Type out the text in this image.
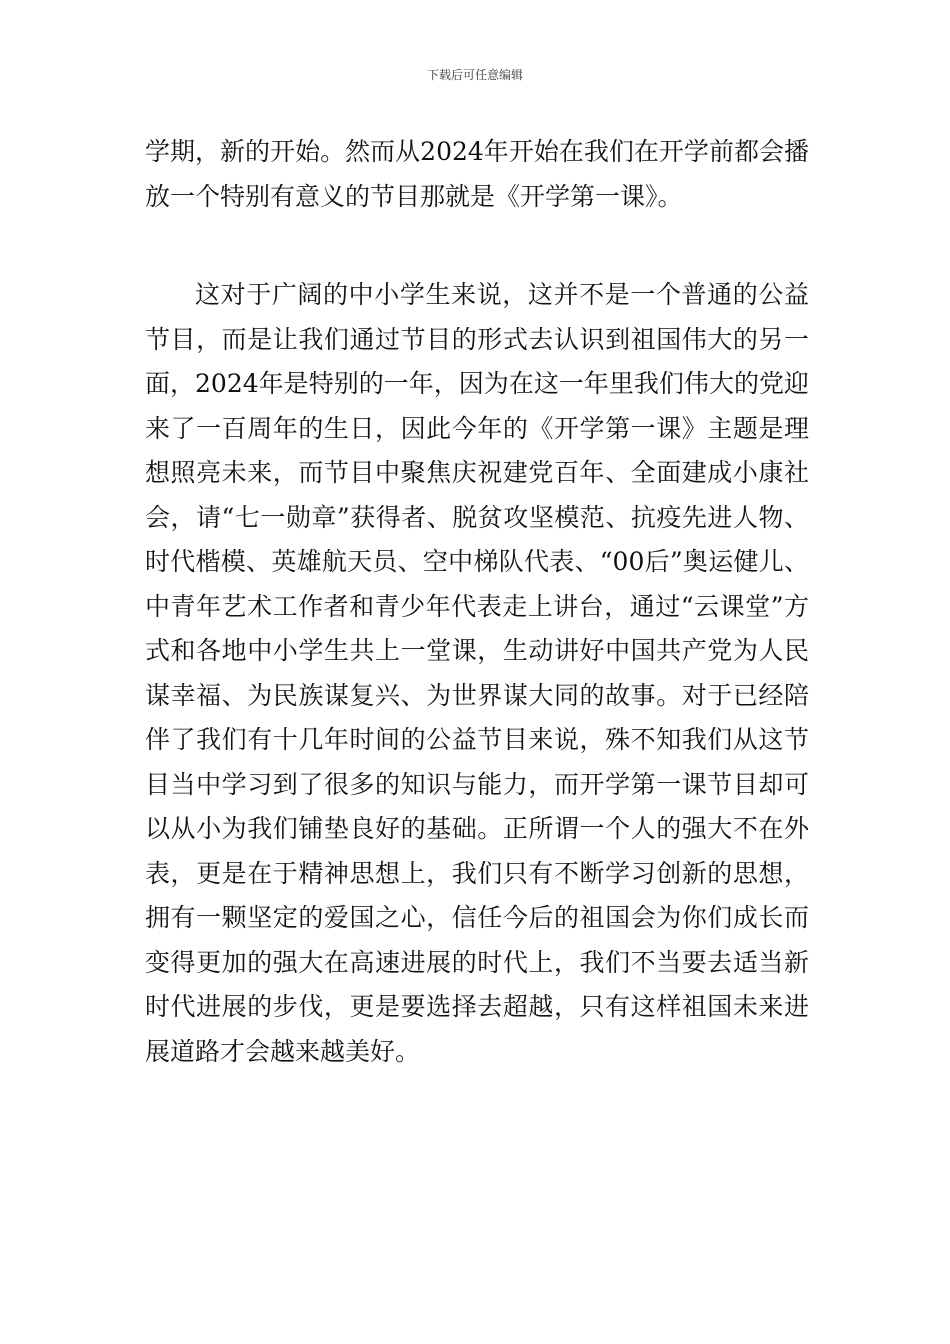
下载后可任意编辑

学期，新的开始。然而从2024年开始在我们在开学前都会播放一个特别有意义的节目那就是《开学第一课》。

这对于广阔的中小学生来说，这并不是一个普通的公益节目，而是让我们通过节目的形式去认识到祖国伟大的另一面，2024年是特别的一年，因为在这一年里我们伟大的党迎来了一百周年的生日，因此今年的《开学第一课》主题是理想照亮未来，而节目中聚焦庆祝建党百年、全面建成小康社会，请“七一勋章”获得者、脱贫攻坚模范、抗疫先进人物、时代楷模、英雄航天员、空中梯队代表、“00后”奥运健儿、中青年艺术工作者和青少年代表走上讲台，通过“云课堂”方式和各地中小学生共上一堂课，生动讲好中国共产党为人民谋幸福、为民族谋复兴、为世界谋大同的故事。对于已经陪伴了我们有十几年时间的公益节目来说，殊不知我们从这节目当中学习到了很多的知识与能力，而开学第一课节目却可以从小为我们铺垫良好的基础。正所谓一个人的强大不在外表，更是在于精神思想上，我们只有不断学习创新的思想，拥有一颗坚定的爱国之心，信任今后的祖国会为你们成长而变得更加的强大在高速进展的时代上，我们不当要去适当新时代进展的步伐，更是要选择去超越，只有这样祖国未来进展道路才会越来越美好。
